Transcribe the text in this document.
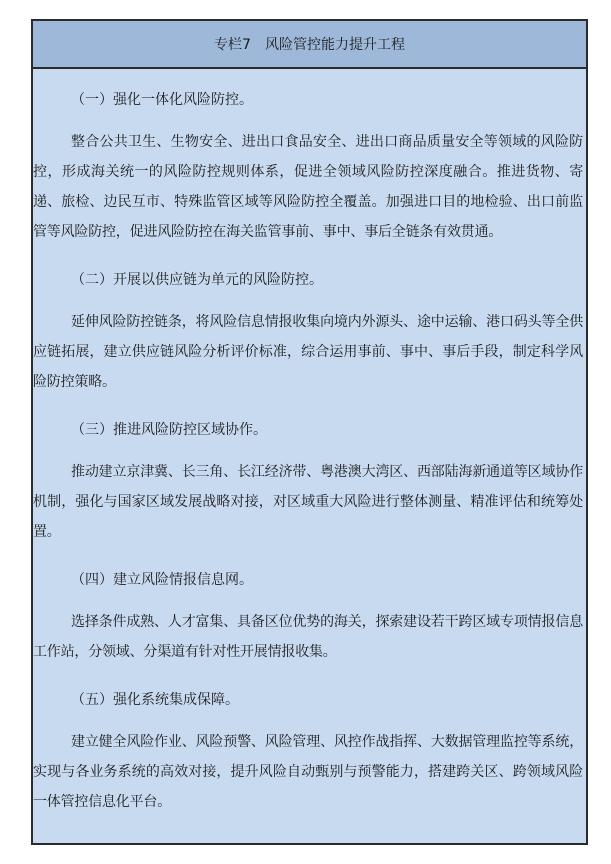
专栏7 风险管控能力提升工程

（一）强化一体化风险防控。

整合公共卫生、生物安全、进出口食品安全、进出口商品质量安全等领域的风险防控，形成海关统一的风险防控规则体系，促进全领域风险防控深度融合。推进货物、寄递、旅检、边民互市、特殊监管区域等风险防控全覆盖。加强进口目的地检验、出口前监管等风险防控，促进风险防控在海关监管事前、事中、事后全链条有效贯通。

（二）开展以供应链为单元的风险防控。

延伸风险防控链条，将风险信息情报收集向境内外源头、途中运输、港口码头等全供应链拓展，建立供应链风险分析评价标准，综合运用事前、事中、事后手段，制定科学风险防控策略。

（三）推进风险防控区域协作。

推动建立京津冀、长三角、长江经济带、粤港澳大湾区、西部陆海新通道等区域协作机制，强化与国家区域发展战略对接，对区域重大风险进行整体测量、精准评估和统筹处置。

（四）建立风险情报信息网。

选择条件成熟、人才富集、具备区位优势的海关，探索建设若干跨区域专项情报信息工作站，分领域、分渠道有针对性开展情报收集。

（五）强化系统集成保障。

建立健全风险作业、风险预警、风险管理、风控作战指挥、大数据管理监控等系统，实现与各业务系统的高效对接，提升风险自动甄别与预警能力，搭建跨关区、跨领域风险一体管控信息化平台。
